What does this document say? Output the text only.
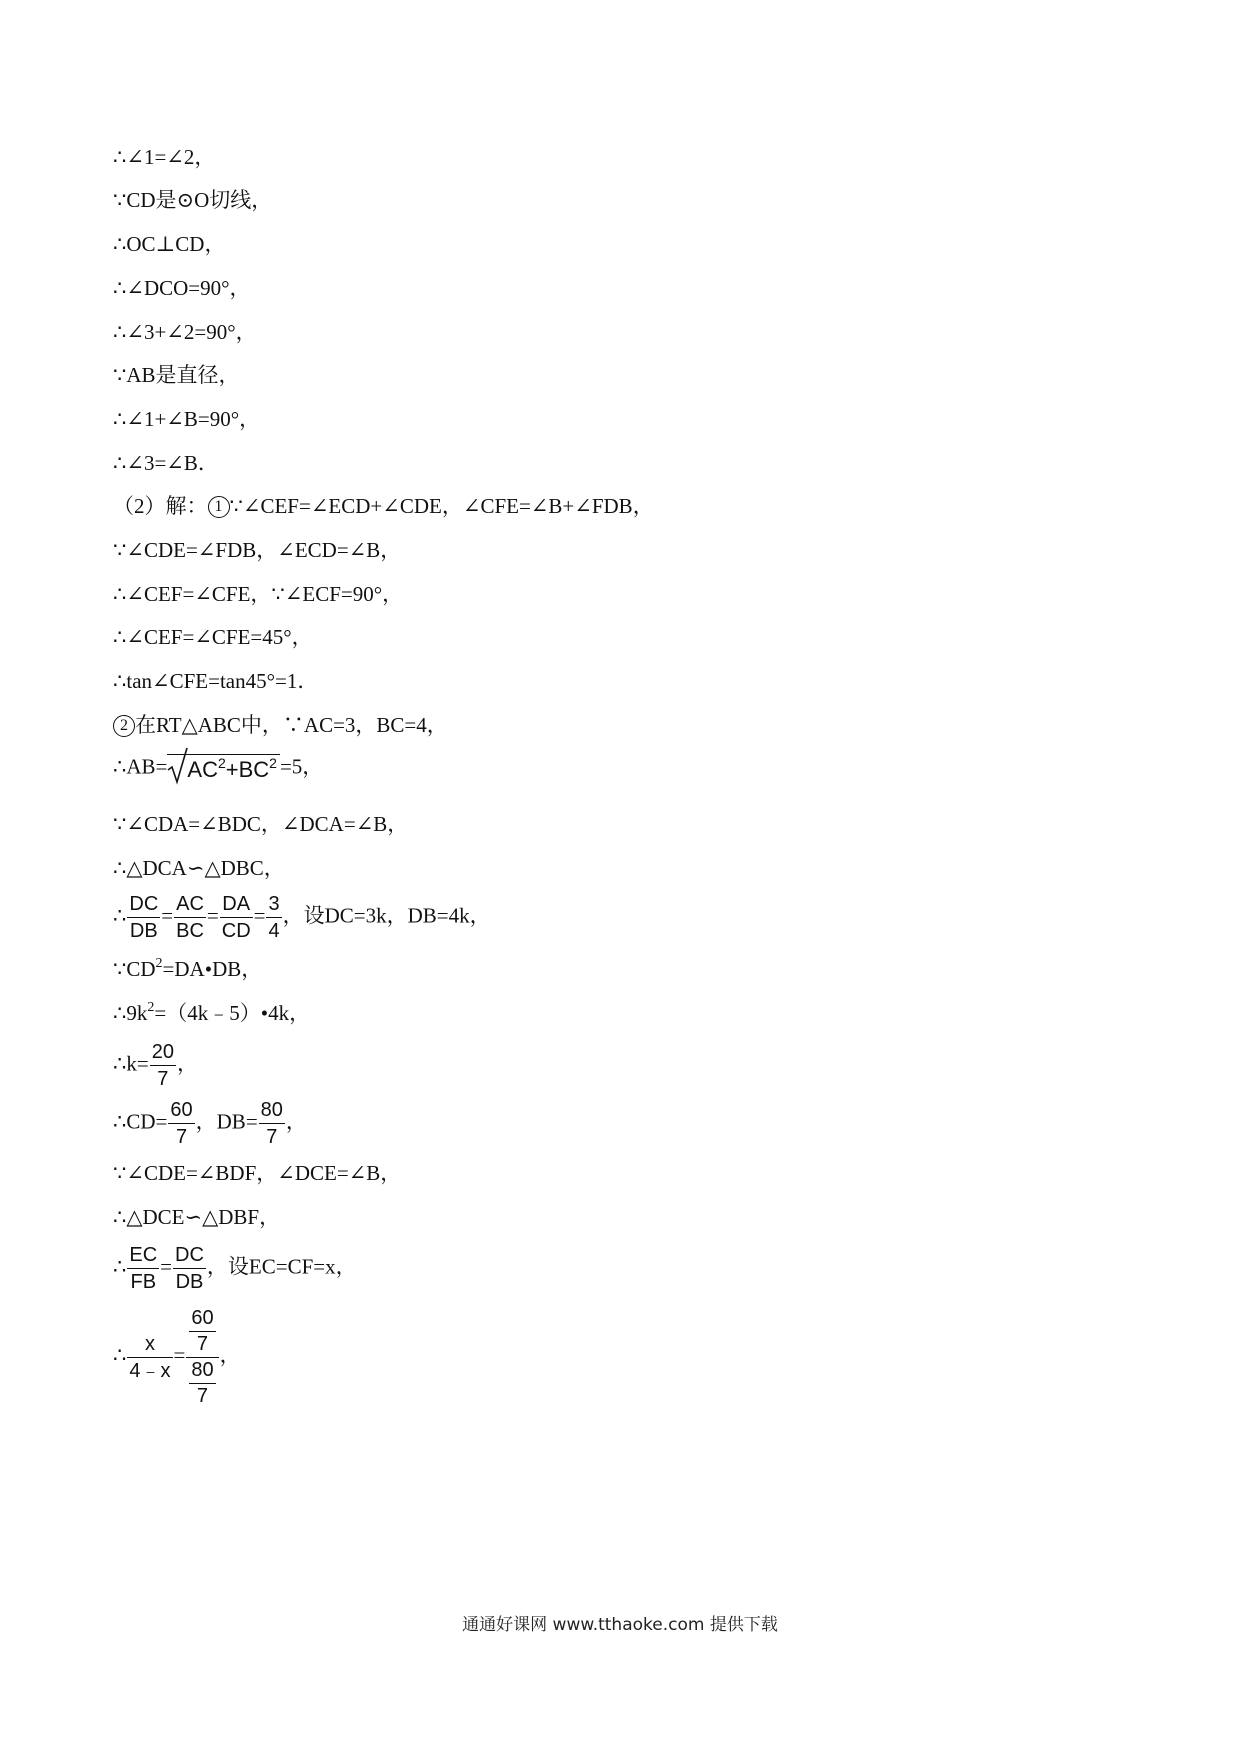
∴∠1=∠2，
∵CD是⊙O切线，
∴OC⊥CD，
∴∠DCO=90°，
∴∠3+∠2=90°，
∵AB是直径，
∴∠1+∠B=90°，
∴∠3=∠B．
（2）解： 1 ∵∠CEF=∠ECD+∠CDE，∠CFE=∠B+∠FDB，
∵∠CDE=∠FDB，∠ECD=∠B，
∴∠CEF=∠CFE，∵∠ECF=90°，
∴∠CEF=∠CFE=45°，
∴tan∠CFE=tan45°=1．
2 在RT△ABC中，∵AC=3，BC=4，
∴AB= $AC^2+BC^2 =5$，
∵∠CDA=∠BDC，∠DCA=∠B，
∴△DCA∽△DBC，
∴ $\frac{DC}{DB} = \frac{AC}{BC} = \frac{DA}{CD} = \frac{3}{4}$ ，设DC=3k，DB=4k，
$\because CD^2=DA•DB$，
$\therefore 9k^2=(4k﹣5)•4k$，
∴k= $\frac{20}{7}$ ，
∴CD= $\frac{60}{7}$ ，$DB= \frac{80}{7}$ ，
∵∠CDE=∠BDF，∠DCE=∠B，
∴△DCE∽△DBF，
∴ $\frac{EC}{FB} = \frac{DC}{DB}$ ，设EC=CF=x，
∴ $\frac{x}{4﹣x} = \frac{\frac{60}{7}}{\frac{80}{7}}$ ，
通通好课网 www.tthaoke.com 提供下载
